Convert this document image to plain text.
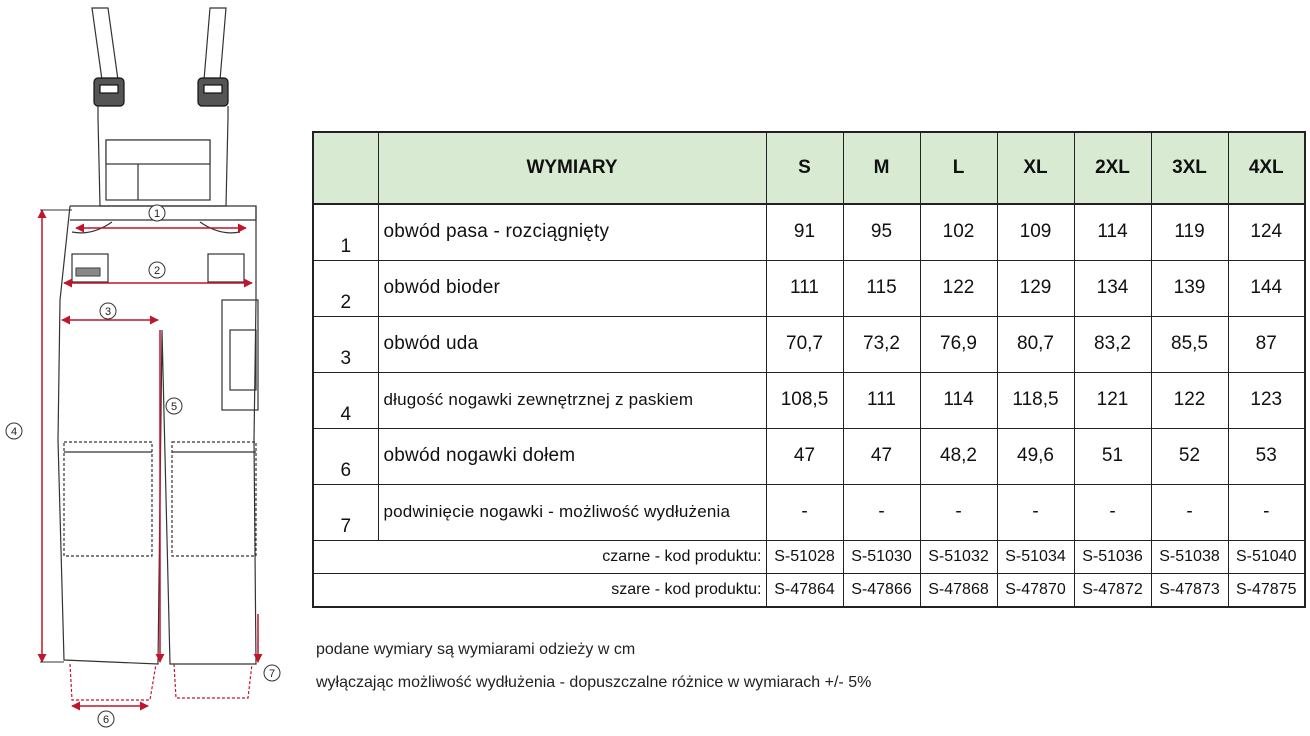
1
2
3
4
5
6
7
	WYMIARY	S	M	L	XL	2XL	3XL	4XL
1	obwód pasa - rozciągnięty	91	95	102	109	114	119	124
2	obwód bioder	111	115	122	129	134	139	144
3	obwód uda	70,7	73,2	76,9	80,7	83,2	85,5	87
4	długość nogawki zewnętrznej z paskiem	108,5	111	114	118,5	121	122	123
6	obwód nogawki dołem	47	47	48,2	49,6	51	52	53
7	podwinięcie nogawki - możliwość wydłużenia	-	-	-	-	-	-	-
czarne - kod produktu:		S-51028	S-51030	S-51032	S-51034	S-51036	S-51038	S-51040
szare - kod produktu:		S-47864	S-47866	S-47868	S-47870	S-47872	S-47873	S-47875
podane wymiary są wymiarami odzieży w cm
wyłączając możliwość wydłużenia - dopuszczalne różnice w wymiarach +/- 5%
